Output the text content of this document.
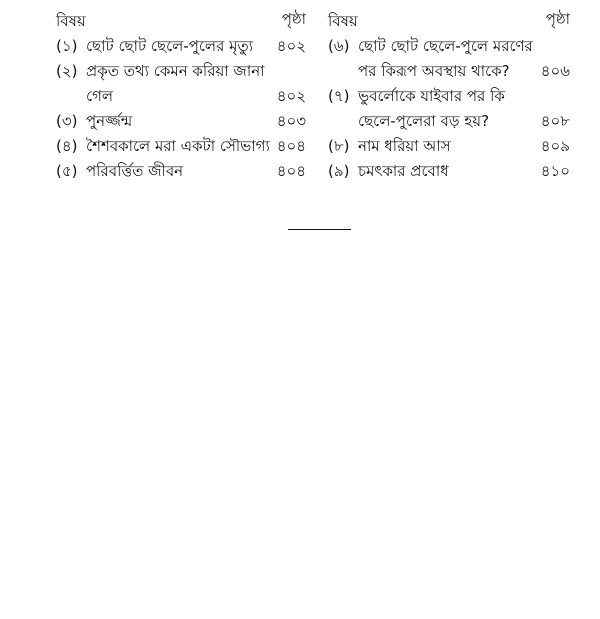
বিষয়	পৃষ্ঠা
(১) ছোট ছোট ছেলে-পুলের মৃত্যু	৪০২
(২) প্রকৃত তথ্য কেমন করিয়া জানা গেল	৪০২
(৩) পুনর্জ্জন্ম	৪০৩
(৪) শৈশবকালে মরা একটা সৌভাগ্য ৪০৪
(৫) পরিবর্ত্তিত জীবন	৪০৪
বিষয়	পৃষ্ঠা
(৬) ছোট ছোট ছেলে-পুলে মরণের পর কিরূপ অবস্থায় থাকে?	৪০৬
(৭) ভুবর্লোকে যাইবার পর কি ছেলে-পুলেরা বড় হয়?	৪০৮
(৮) নাম ধরিয়া আস	৪০৯
(৯) চমৎকার প্রবোধ	৪১০
